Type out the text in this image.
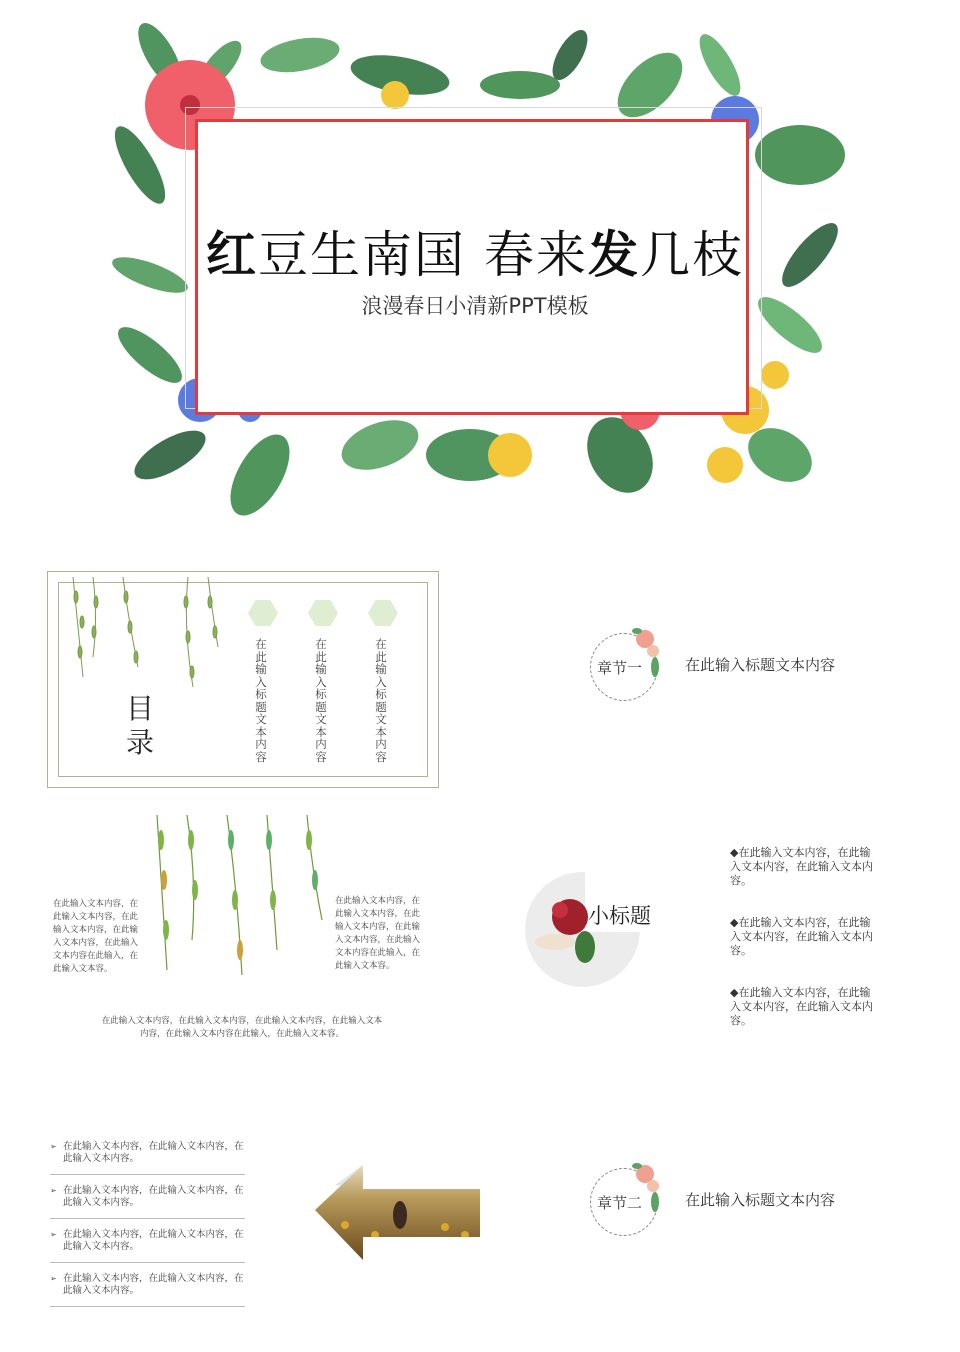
红豆生南国 春来发几枝
浪漫春日小清新PPT模板
目录
在此输入标题文本内容
在此输入标题文本内容
在此输入标题文本内容
章节一	在此输入标题文本内容
在此输入文本内容，在此输入文本内容，在此输入文本内容，在此输入文本内容，在此输入文本内容在此输入，在此输入文本容。
在此输入文本内容，在此输入文本内容，在此输入文本内容，在此输入文本内容，在此输入文本内容在此输入，在此输入文本容。
在此输入文本内容，在此输入文本内容，在此输入文本内容，在此输入文本
内容，在此输入文本内容在此输入，在此输入文本容。
小标题
◆在此输入文本内容，在此输入文本内容，在此输入文本内容。
◆在此输入文本内容，在此输入文本内容，在此输入文本内容。
◆在此输入文本内容，在此输入文本内容，在此输入文本内容。
➢ 在此输入文本内容，在此输入文本内容，在此输入文本内容。
➢ 在此输入文本内容，在此输入文本内容，在此输入文本内容。
➢ 在此输入文本内容，在此输入文本内容，在此输入文本内容。
➢ 在此输入文本内容，在此输入文本内容，在此输入文本内容。
章节二	在此输入标题文本内容
